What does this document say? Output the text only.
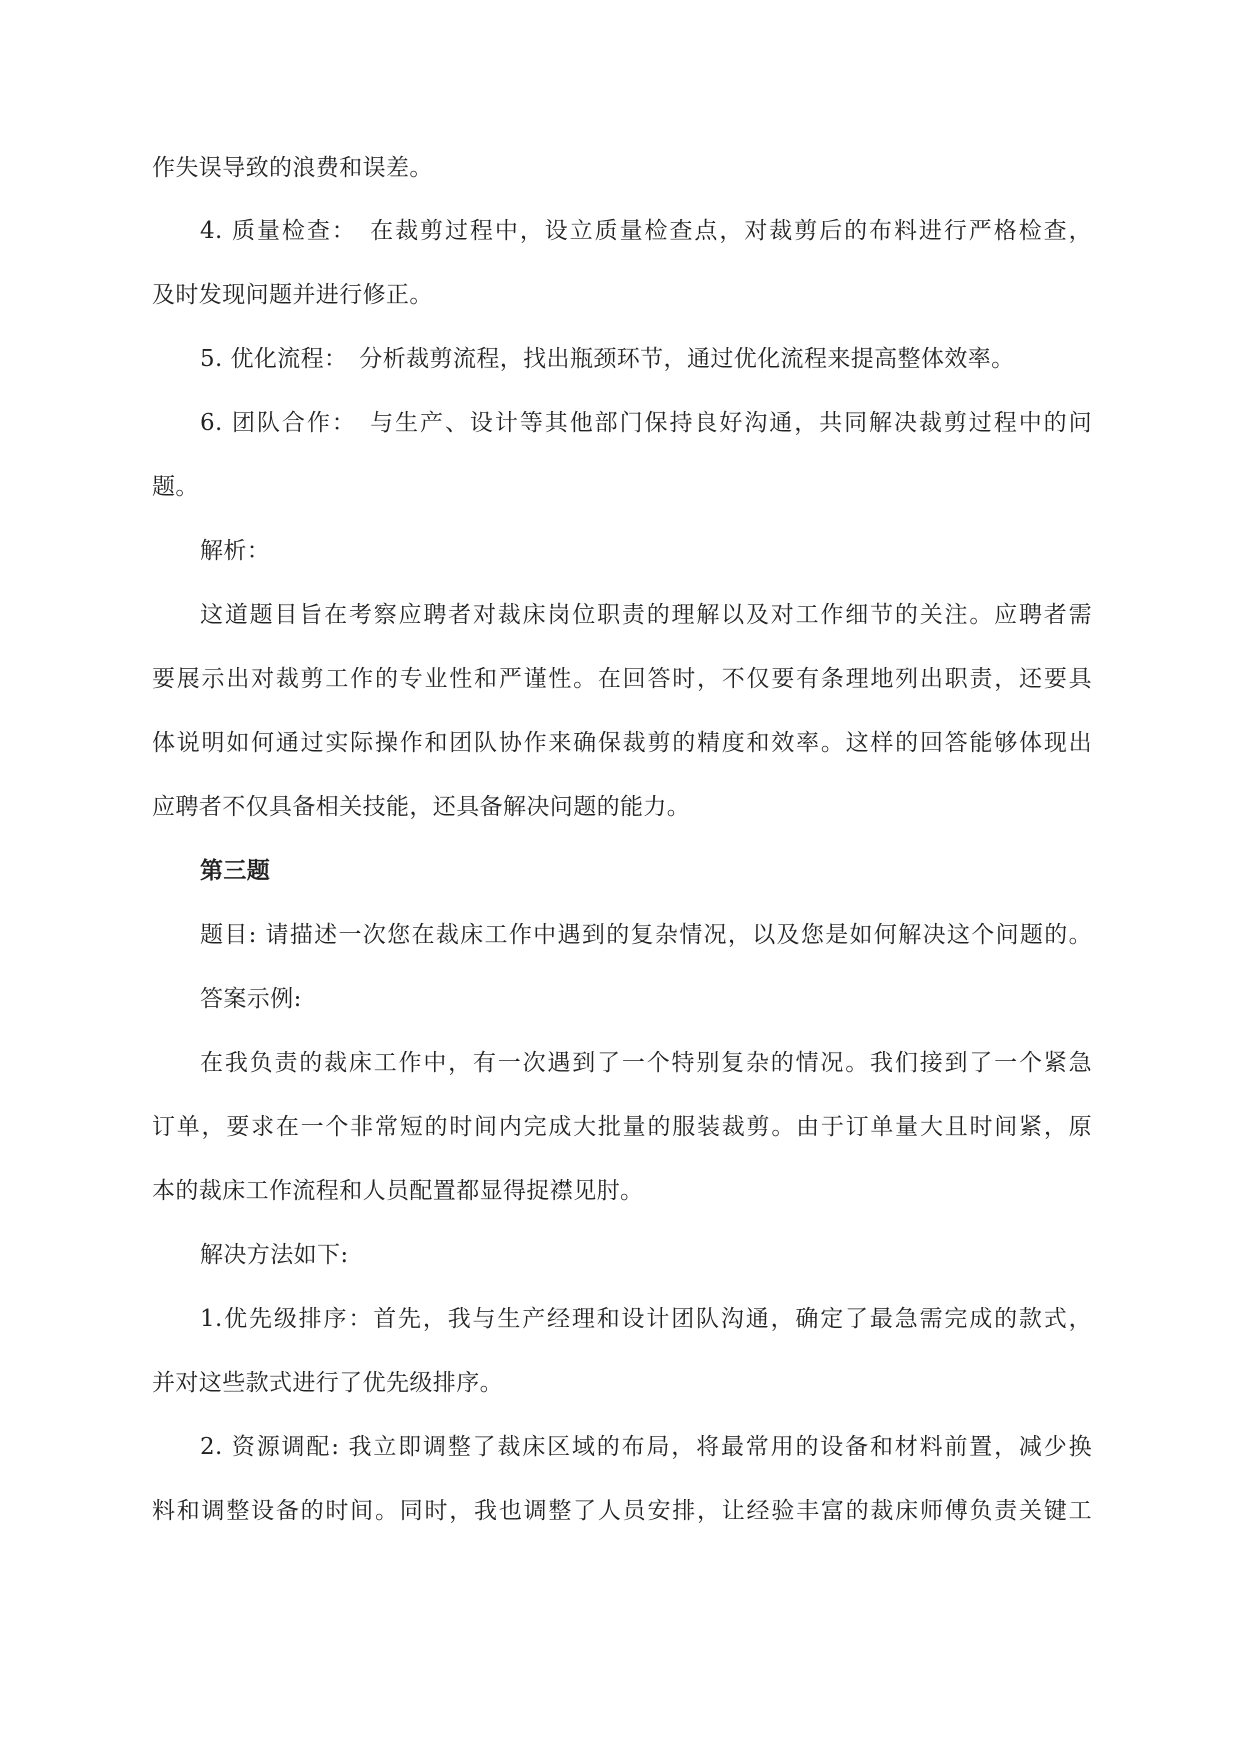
作失误导致的浪费和误差。
4. 质量检查：　在裁剪过程中，设立质量检查点，对裁剪后的布料进行严格检查，
及时发现问题并进行修正。
5. 优化流程：　分析裁剪流程，找出瓶颈环节，通过优化流程来提高整体效率。
6. 团队合作：　与生产、设计等其他部门保持良好沟通，共同解决裁剪过程中的问
题。
解析：
这道题目旨在考察应聘者对裁床岗位职责的理解以及对工作细节的关注。应聘者需
要展示出对裁剪工作的专业性和严谨性。在回答时，不仅要有条理地列出职责，还要具
体说明如何通过实际操作和团队协作来确保裁剪的精度和效率。这样的回答能够体现出
应聘者不仅具备相关技能，还具备解决问题的能力。
第三题
题目: 请描述一次您在裁床工作中遇到的复杂情况，以及您是如何解决这个问题的。
答案示例:
在我负责的裁床工作中，有一次遇到了一个特别复杂的情况。我们接到了一个紧急
订单，要求在一个非常短的时间内完成大批量的服装裁剪。由于订单量大且时间紧，原
本的裁床工作流程和人员配置都显得捉襟见肘。
解决方法如下:
1.优先级排序：首先，我与生产经理和设计团队沟通，确定了最急需完成的款式，
并对这些款式进行了优先级排序。
2. 资源调配: 我立即调整了裁床区域的布局，将最常用的设备和材料前置，减少换
料和调整设备的时间。同时，我也调整了人员安排，让经验丰富的裁床师傅负责关键工
